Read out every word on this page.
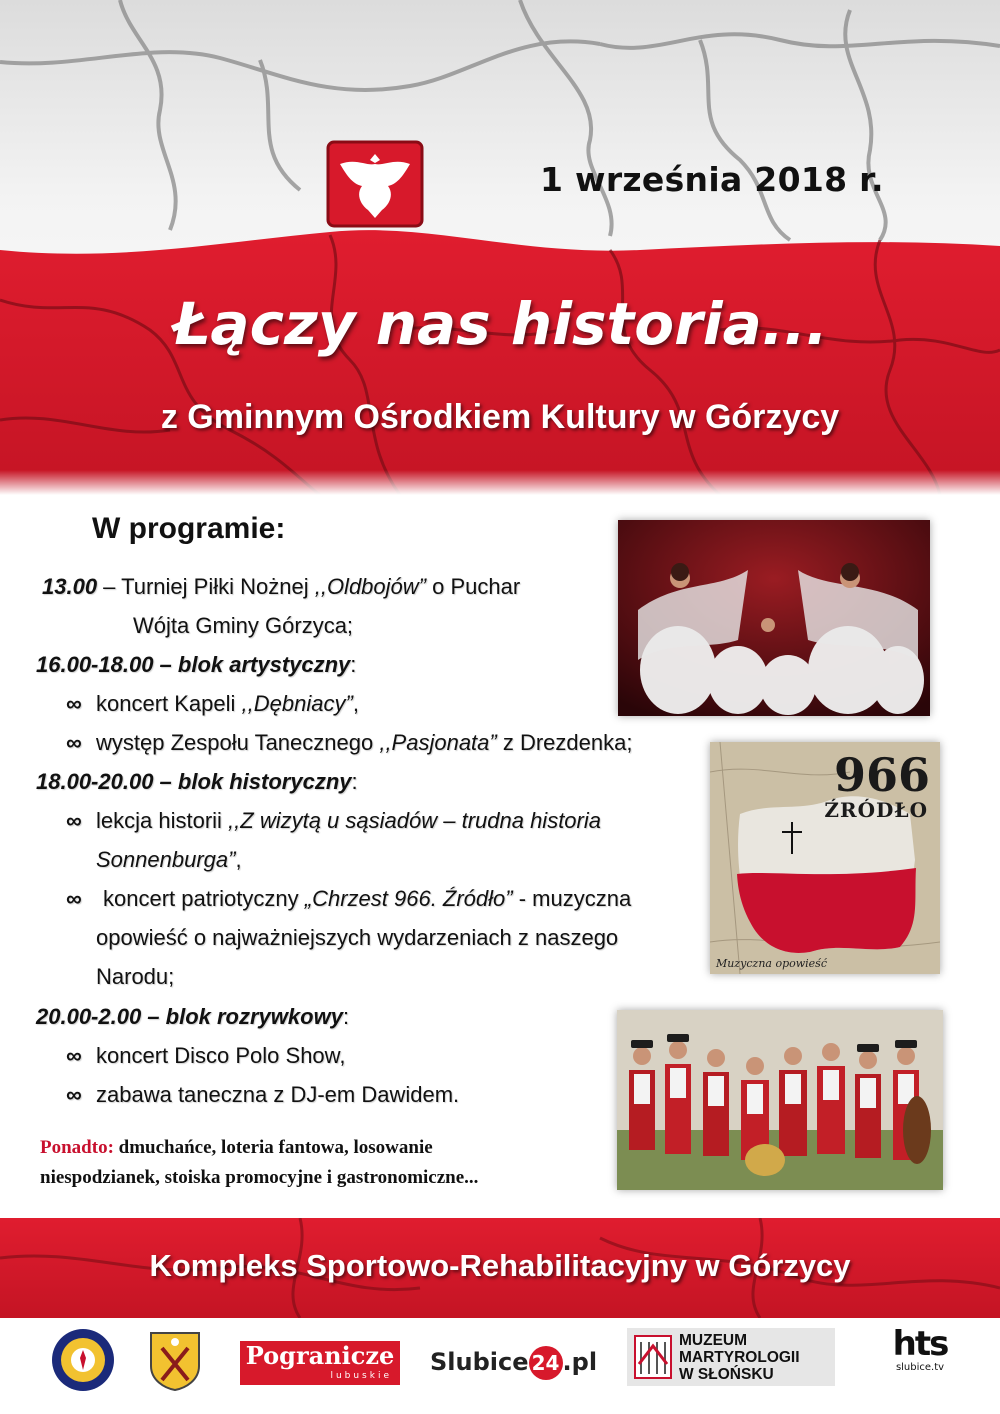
1 września 2018 r.
Łączy nas historia...
z Gminnym Ośrodkiem Kultury w Górzycy
W programie:
13.00 – Turniej Piłki Nożnej ,,Oldbojów” o Puchar
Wójta Gminy Górzyca;
16.00-18.00 – blok artystyczny:
∞ koncert Kapeli ,,Dębniacy”,
∞ występ Zespołu Tanecznego ,,Pasjonata” z Drezdenka;
18.00-20.00 – blok historyczny:
∞ lekcja historii ,,Z wizytą u sąsiadów – trudna historia
Sonnenburga”,
∞ koncert patriotyczny „Chrzest 966. Źródło” - muzyczna
opowieść o najważniejszych wydarzeniach z naszego
Narodu;
20.00-2.00 – blok rozrywkowy:
∞ koncert Disco Polo Show,
∞ zabawa taneczna z DJ-em Dawidem.
Ponadto: dmuchańce, loteria fantowa, losowanie
niespodzianek, stoiska promocyjne i gastronomiczne...
966
ŹRÓDŁO
Muzyczna opowieść
Kompleks Sportowo-Rehabilitacyjny w Górzycy
Pogranicze
lubuskie	Slubice 24 .pl
MUZEUM
MARTYROLOGII
W SŁOŃSKU
hts
slubice.tv
